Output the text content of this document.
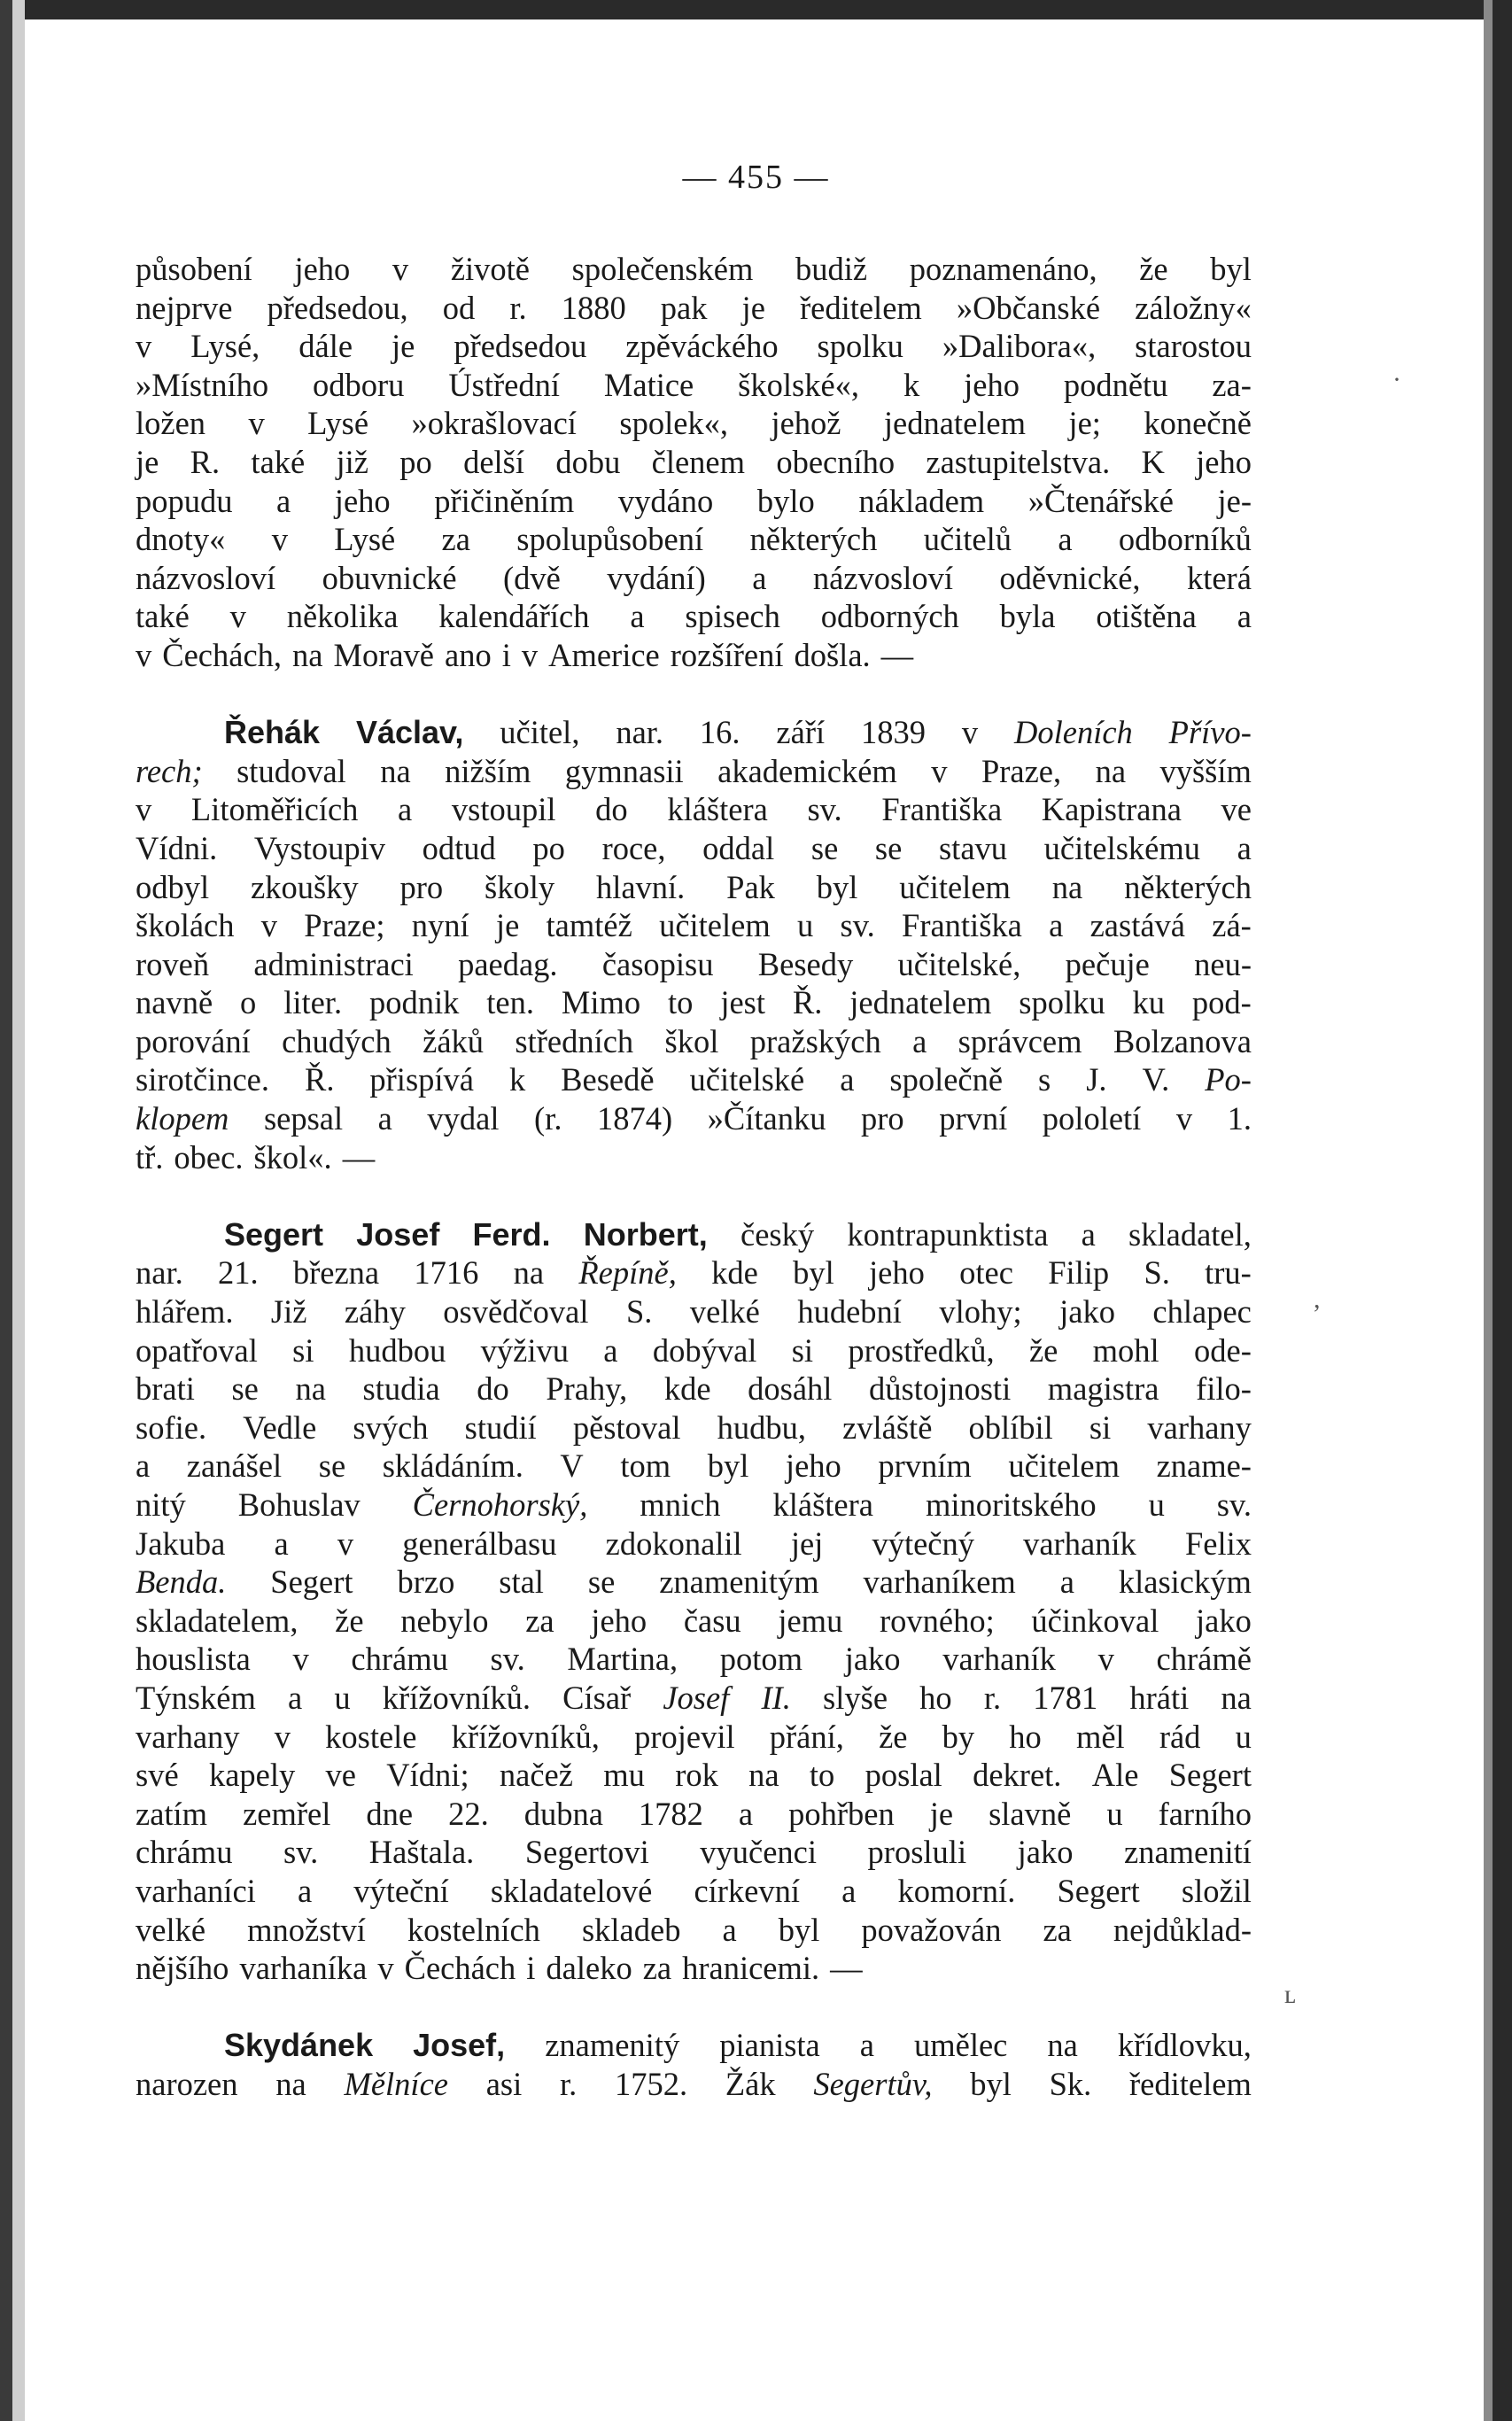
— 455 —
působení jeho v životě společenském budiž poznamenáno, že byl
nejprve předsedou, od r. 1880 pak je ředitelem »Občanské záložny«
v Lysé, dále je předsedou zpěváckého spolku »Dalibora«, starostou
»Místního odboru Ústřední Matice školské«, k jeho podnětu za-
ložen v Lysé »okrašlovací spolek«, jehož jednatelem je; konečně
je R. také již po delší dobu členem obecního zastupitelstva. K jeho
popudu a jeho přičiněním vydáno bylo nákladem »Čtenářské je-
dnoty« v Lysé za spolupůsobení některých učitelů a odborníků
názvosloví obuvnické (dvě vydání) a názvosloví oděvnické, která
také v několika kalendářích a spisech odborných byla otištěna a
v Čechách, na Moravě ano i v Americe rozšíření došla. —
Řehák Václav, učitel, nar. 16. září 1839 v Doleních Přívo-
rech; studoval na nižším gymnasii akademickém v Praze, na vyšším
v Litoměřicích a vstoupil do kláštera sv. Františka Kapistrana ve
Vídni. Vystoupiv odtud po roce, oddal se se stavu učitelskému a
odbyl zkoušky pro školy hlavní. Pak byl učitelem na některých
školách v Praze; nyní je tamtéž učitelem u sv. Františka a zastává zá-
roveň administraci paedag. časopisu Besedy učitelské, pečuje neu-
navně o liter. podnik ten. Mimo to jest Ř. jednatelem spolku ku pod-
porování chudých žáků středních škol pražských a správcem Bolzanova
sirotčince. Ř. přispívá k Besedě učitelské a společně s J. V. Po-
klopem sepsal a vydal (r. 1874) »Čítanku pro první pololetí v 1.
tř. obec. škol«. —
Segert Josef Ferd. Norbert, český kontrapunktista a skladatel,
nar. 21. března 1716 na Řepíně, kde byl jeho otec Filip S. tru-
hlářem. Již záhy osvědčoval S. velké hudební vlohy; jako chlapec
opatřoval si hudbou výživu a dobýval si prostředků, že mohl ode-
brati se na studia do Prahy, kde dosáhl důstojnosti magistra filo-
sofie. Vedle svých studií pěstoval hudbu, zvláště oblíbil si varhany
a zanášel se skládáním. V tom byl jeho prvním učitelem zname-
nitý Bohuslav Černohorský, mnich kláštera minoritského u sv.
Jakuba a v generálbasu zdokonalil jej výtečný varhaník Felix
Benda. Segert brzo stal se znamenitým varhaníkem a klasickým
skladatelem, že nebylo za jeho času jemu rovného; účinkoval jako
houslista v chrámu sv. Martina, potom jako varhaník v chrámě
Týnském a u křížovníků. Císař Josef II. slyše ho r. 1781 hráti na
varhany v kostele křížovníků, projevil přání, že by ho měl rád u
své kapely ve Vídni; načež mu rok na to poslal dekret. Ale Segert
zatím zemřel dne 22. dubna 1782 a pohřben je slavně u farního
chrámu sv. Haštala. Segertovi vyučenci prosluli jako znamenití
varhaníci a výteční skladatelové církevní a komorní. Segert složil
velké množství kostelních skladeb a byl považován za nejdůklad-
nějšího varhaníka v Čechách i daleko za hranicemi. —
Skydánek Josef, znamenitý pianista a umělec na křídlovku,
narozen na Mělníce asi r. 1752. Žák Segertův, byl Sk. ředitelem
·
,
ʟ
